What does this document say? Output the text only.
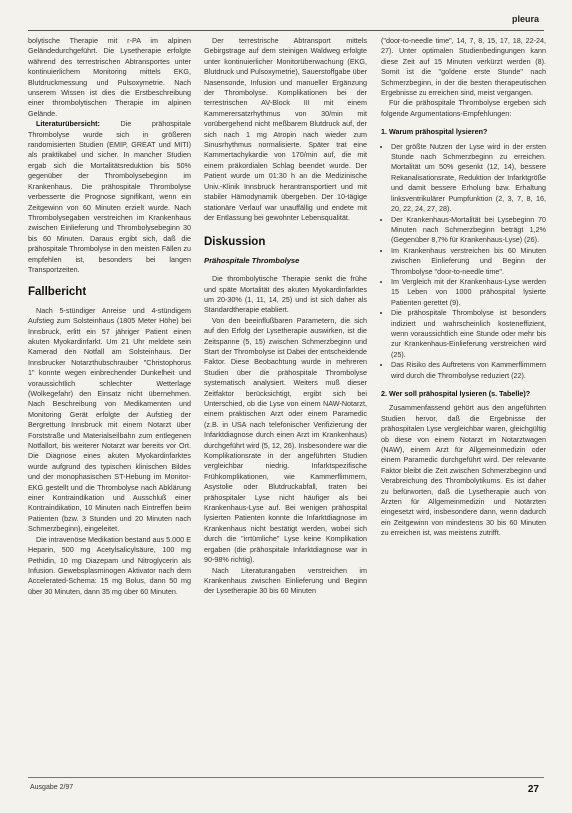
pleura

bolytische Therapie mit r-PA im alpinen Geländedurchgeführt. Die Lysetherapie erfolgte während des terrestrischen Abtransportes unter kontinuierlichem Monitoring mittels EKG, Blutdruckmessung und Pulsoxymetrie. Nach unserem Wissen ist dies die Erstbeschreibung einer thrombolytischen Therapie im alpinen Gelände.

Literaturübersicht: Die prähospitale Thrombolyse wurde sich in größeren randomisierten Studien (EMIP, GREAT und MITI) als praktikabel und sicher. In mancher Studien ergab sich die Mortalitätsreduktion bis 50% gegenüber der Thrombolysebeginn im Krankenhaus. Die prähospitale Thrombolyse verbesserte die Prognose signifikant, wenn ein Zeitgewinn von 60 Minuten erzielt wurde. Nach Thrombolysegaben verstreichen im Krankenhaus zwischen Einlieferung und Thrombolysebeginn 30 bis 60 Minuten. Daraus ergibt sich, daß die prähospitale Thrombolyse in den meisten Fällen zu empfehlen ist, besonders bei langen Transportzeiten.

Fallbericht

Nach 5-stündiger Anreise und 4-stündigem Aufstieg zum Solsteinhaus (1805 Meter Höhe) bei Innsbruck, erlitt ein 57 jähriger Patient einen akuten Myokardinfarkt. Um 21 Uhr meldete sein Kamerad den Notfall am Solsteinhaus. Der Innsbrucker Notarzthubschrauber "Christophorus 1" konnte wegen einbrechender Dunkelheit und voraussichtlich schlechter Wetterlage (Wolkegefahr) den Einsatz nicht übernehmen. Nach Beschreibung von Medikamenten und Monitoring Gerät erfolgte der Aufstieg der Bergrettung Innsbruck mit einem Notarzt über Forststraße und Materialseilbahn zum entlegenen Notfallort, bis weiterer Notarzt war bereits vor Ort. Die Diagnose eines akuten Myokardinfarktes wurde aufgrund des typischen klinischen Bildes und der monophasischen ST-Hebung im Monitor-EKG gestellt und die Thrombolyse nach Abklärung einer Kontraindikation und Ausschluß einer Kontraindikation, 10 Minuten nach Eintreffen beim Patienten (bzw. 3 Stunden und 20 Minuten nach Schmerzbeginn), eingeleitet.

Die intravenöse Medikation bestand aus 5.000 E Heparin, 500 mg Acetylsalicylsäure, 100 mg Pethidin, 10 mg Diazepam und Nitroglycerin als Infusion. Gewebsplasminogen Aktivator nach dem Accelerated-Schema: 15 mg Bolus, dann 50 mg über 30 Minuten, dann 35 mg über 60 Minuten.

Der terrestrische Abtransport mittels Gebirgstrage auf dem steinigen Waldweg erfolgte unter kontinuierlicher Monitorüberwachung (EKG, Blutdruck und Pulsoxymetrie), Sauerstoffgabe über Nasensonde, Infusion und manueller Ergänzung der Thrombolyse. Komplikationen bei der terrestrischen AV-Block III mit einem Kammerersatzrhythmus von 30/min mit vorübergehend nicht meßbarem Blutdruck auf, der sich nach 1 mg Atropin nach wieder zum Sinusrhythmus normalisierte. Später trat eine Kammertachykardie von 170/min auf, die mit einem präkordialen Schlag beendet wurde. Der Patient wurde um 01:30 h an die Medizinische Univ.-Klinik Innsbruck herantransportiert und mit stabiler Hämodynamik übergeben. Der 10-tägige stationäre Verlauf war unauffällig und endete mit der Entlassung bei gewohnter Lebensqualität.

Diskussion
Prähospitale Thrombolyse

Die thrombolytische Therapie senkt die frühe und späte Mortalität des akuten Myokardinfarktes um 20-30% (1, 11, 14, 25) und ist sich daher als Standardtherapie etabliert.

Von den beeinflußbaren Parametern, die sich auf den Erfolg der Lysetherapie auswirken, ist die Zeitspanne (5, 15) zwischen Schmerzbeginn und Start der Thrombolyse ist Dabei der entscheidende Faktor. Diese Beobachtung wurde in mehreren Studien über die prähospitale Thrombolyse systematisch analysiert. Weiters muß dieser Zeitfaktor berücksichtigt, ergibt sich bei Unterschied, ob die Lyse von einem NAW-Notarzt, einem praktischen Arzt oder einem Paramedic (z.B. in USA nach telefonischer Verifizierung der Infarktdiagnose durch einen Arzt im Krankenhaus) durchgeführt wird (5, 12, 26). Insbesondere war die Komplikationsrate in der angeführten Studien vergleichbar niedrig. Infarktspezifische Frühkomplikationen, wie Kammerflimmern, Asystolie oder Blutdruckabfall, traten bei prähospitaler Lyse nicht häufiger als bei Krankenhaus-Lyse auf. Bei wenigen prähospital lysierten Patienten konnte die Infarktdiagnose im Krankenhaus nicht bestätigt werden, wobei sich durch die "irrtümliche" Lyse keine Komplikation ergaben (die prähospitale Infarktdiagnose war in 90-98% richtig).

Nach Literaturangaben verstreichen im Krankenhaus zwischen Einlieferung und Beginn der Lysetherapie 30 bis 60 Minuten

("door-to-needle time", 14, 7, 8, 15, 17, 18, 22-24, 27). Unter optimalen Studienbedingungen kann diese Zeit auf 15 Minuten verkürzt werden (8). Somit ist die "goldene erste Stunde" nach Schmerzbeginn, in der die besten therapeutischen Ergebnisse zu erreichen sind, meist vergangen.

Für die prähospitale Thrombolyse ergeben sich folgende Argumentations-Empfehlungen:

1. Warum prähospital lysieren?
• Der größte Nutzen der Lyse wird in der ersten Stunde nach Schmerzbeginn zu erreichen. Mortalität um 50% gesenkt (12, 14), bessere Rekanalisationsrate, Reduktion der Infarktgröße und damit bessere Erholung bzw. Erhaltung linksventrikulärer Pumpfunktion (2, 3, 7, 8, 16, 20, 22, 24, 27, 28).
• Der Krankenhaus-Mortalität bei Lysebeginn 70 Minuten nach Schmerzbeginn beträgt 1,2% (Gegenüber 8,7% für Krankenhaus-Lyse) (26).
• Im Krankenhaus verstreichen bis 60 Minuten zwischen Einlieferung und Beginn der Thrombolyse "door-to-needle time".
• Im Vergleich mit der Krankenhaus-Lyse werden 15 Leben von 1000 prähospital lysierte Patienten gerettet (9).
• Die prähospitale Thrombolyse ist besonders indiziert und wahrscheinlich kosteneffizient, wenn voraussichtlich eine Stunde oder mehr bis zur Krankenhaus-Einlieferung verstreichen wird (25).
• Das Risiko des Auftretens von Kammerflimmern wird durch die Thrombolyse reduziert (22).
2. Wer soll prähospital lysieren (s. Tabelle)?

Zusammenfassend gehört aus den angeführten Studien hervor, daß die Ergebnisse der prähospitalen Lyse vergleichbar waren, gleichgültig ob diese von einem Notarzt im Notarztwagen (NAW), einem Arzt für Allgemeinmedizin oder einem Paramedic durchgeführt wird. Der relevante Faktor bleibt die Zeit zwischen Schmerzbeginn und Verabreichung des Thrombolytikums. Es ist daher zu befürworten, daß die Lysetherapie auch von Ärzten für Allgemeinmedizin und Notärzten eingesetzt wird, insbesondere dann, wenn dadurch ein Zeitgewinn von mindestens 30 bis 60 Minuten zu erreichen ist, was meistens zutrifft.

Ausgabe 2/97	27
